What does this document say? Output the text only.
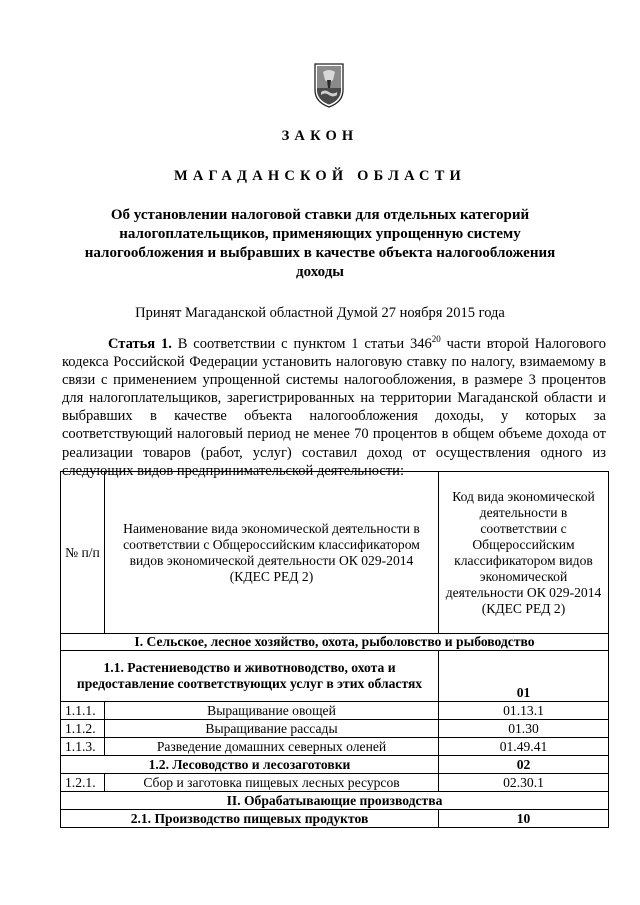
ЗАКОН
МАГАДАНСКОЙ ОБЛАСТИ
Об установлении налоговой ставки для отдельных категорий налогоплательщиков, применяющих упрощенную систему налогообложения и выбравших в качестве объекта налогообложения доходы
Принят Магаданской областной Думой 27 ноября 2015 года
Статья 1. В соответствии с пунктом 1 статьи $346^{20}$ части второй Налогового кодекса Российской Федерации установить налоговую ставку по налогу, взимаемому в связи с применением упрощенной системы налогообложения, в размере 3 процентов для налогоплательщиков, зарегистрированных на территории Магаданской области и выбравших в качестве объекта налогообложения доходы, у которых за соответствующий налоговый период не менее 70 процентов в общем объеме дохода от реализации товаров (работ, услуг) составил доход от осуществления одного из следующих видов предпринимательской деятельности:
№ п/п	Наименование вида экономической деятельности в соответствии с Общероссийским классификатором видов экономической деятельности ОК 029-2014 (КДЕС РЕД 2)	Код вида экономической деятельности в соответствии с Общероссийским классификатором видов экономической деятельности ОК 029-2014 (КДЕС РЕД 2)
I. Сельское, лесное хозяйство, охота, рыболовство и рыбоводство		
1.1. Растениеводство и животноводство, охота и предоставление соответствующих услуг в этих областях		01
1.1.1.	Выращивание овощей	01.13.1
1.1.2.	Выращивание рассады	01.30
1.1.3.	Разведение домашних северных оленей	01.49.41
1.2. Лесоводство и лесозаготовки		02
1.2.1.	Сбор и заготовка пищевых лесных ресурсов	02.30.1
II. Обрабатывающие производства		
2.1. Производство пищевых продуктов		10
